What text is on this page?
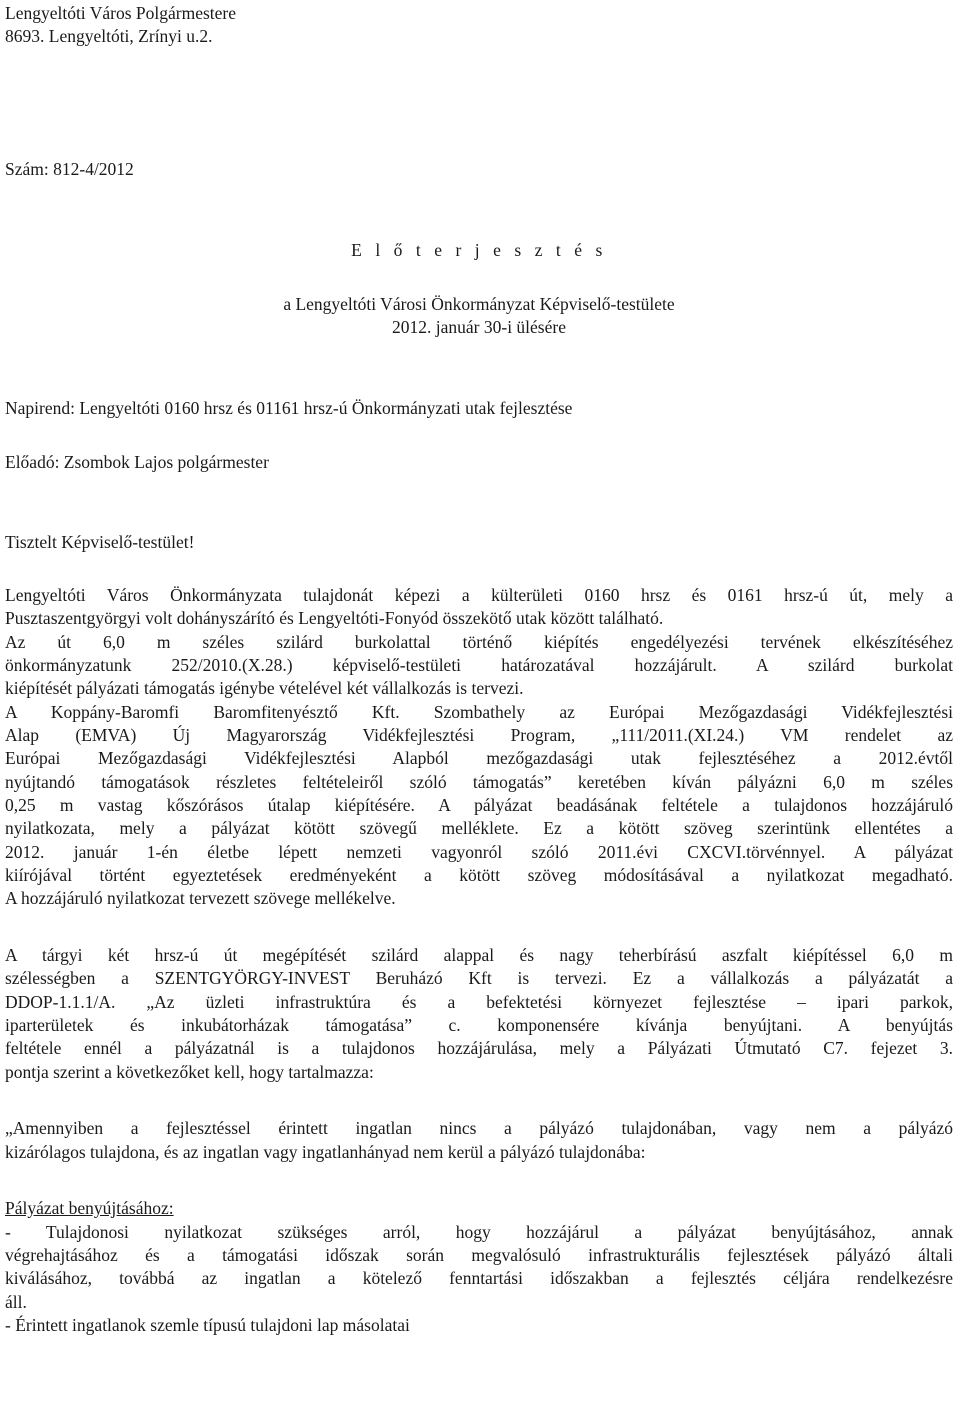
Lengyeltóti Város Polgármestere

8693. Lengyeltóti, Zrínyi u.2.

Szám: 812-4/2012

E l ő t e r j e s z t é s

a Lengyeltóti Városi Önkormányzat Képviselő-testülete

2012. január 30-i ülésére

Napirend: Lengyeltóti 0160 hrsz és 01161 hrsz-ú Önkormányzati utak fejlesztése

Előadó: Zsombok Lajos polgármester

Tisztelt Képviselő-testület!

Lengyeltóti Város Önkormányzata tulajdonát képezi a külterületi 0160 hrsz és 0161 hrsz-ú út, mely a

Pusztaszentgyörgyi volt dohányszárító és Lengyeltóti-Fonyód összekötő utak között található.

Az út 6,0 m széles szilárd burkolattal történő kiépítés engedélyezési tervének elkészítéséhez

önkormányzatunk 252/2010.(X.28.) képviselő-testületi határozatával hozzájárult. A szilárd burkolat

kiépítését pályázati támogatás igénybe vételével két vállalkozás is tervezi.

A Koppány-Baromfi Baromfitenyésztő Kft. Szombathely az Európai Mezőgazdasági Vidékfejlesztési

Alap (EMVA) Új Magyarország Vidékfejlesztési Program, „111/2011.(XI.24.) VM rendelet az

Európai Mezőgazdasági Vidékfejlesztési Alapból mezőgazdasági utak fejlesztéséhez a 2012.évtől

nyújtandó támogatások részletes feltételeiről szóló támogatás” keretében kíván pályázni 6,0 m széles

0,25 m vastag kőszórásos útalap kiépítésére. A pályázat beadásának feltétele a tulajdonos hozzájáruló

nyilatkozata, mely a pályázat kötött szövegű melléklete. Ez a kötött szöveg szerintünk ellentétes a

2012. január 1-én életbe lépett nemzeti vagyonról szóló 2011.évi CXCVI.törvénnyel. A pályázat

kiírójával történt egyeztetések eredményeként a kötött szöveg módosításával a nyilatkozat megadható.

A hozzájáruló nyilatkozat tervezett szövege mellékelve.

A tárgyi két hrsz-ú út megépítését szilárd alappal és nagy teherbírású aszfalt kiépítéssel 6,0 m

szélességben a SZENTGYÖRGY-INVEST Beruházó Kft is tervezi. Ez a vállalkozás a pályázatát a

DDOP-1.1.1/A. „Az üzleti infrastruktúra és a befektetési környezet fejlesztése – ipari parkok,

iparterületek és inkubátorházak támogatása” c. komponensére kívánja benyújtani. A benyújtás

feltétele ennél a pályázatnál is a tulajdonos hozzájárulása, mely a Pályázati Útmutató C7. fejezet 3.

pontja szerint a következőket kell, hogy tartalmazza:

„Amennyiben a fejlesztéssel érintett ingatlan nincs a pályázó tulajdonában, vagy nem a pályázó

kizárólagos tulajdona, és az ingatlan vagy ingatlanhányad nem kerül a pályázó tulajdonába:

Pályázat benyújtásához:

- Tulajdonosi nyilatkozat szükséges arról, hogy hozzájárul a pályázat benyújtásához, annak

végrehajtásához és a támogatási időszak során megvalósuló infrastrukturális fejlesztések pályázó általi

kiválásához, továbbá az ingatlan a kötelező fenntartási időszakban a fejlesztés céljára rendelkezésre

áll.

- Érintett ingatlanok szemle típusú tulajdoni lap másolatai
